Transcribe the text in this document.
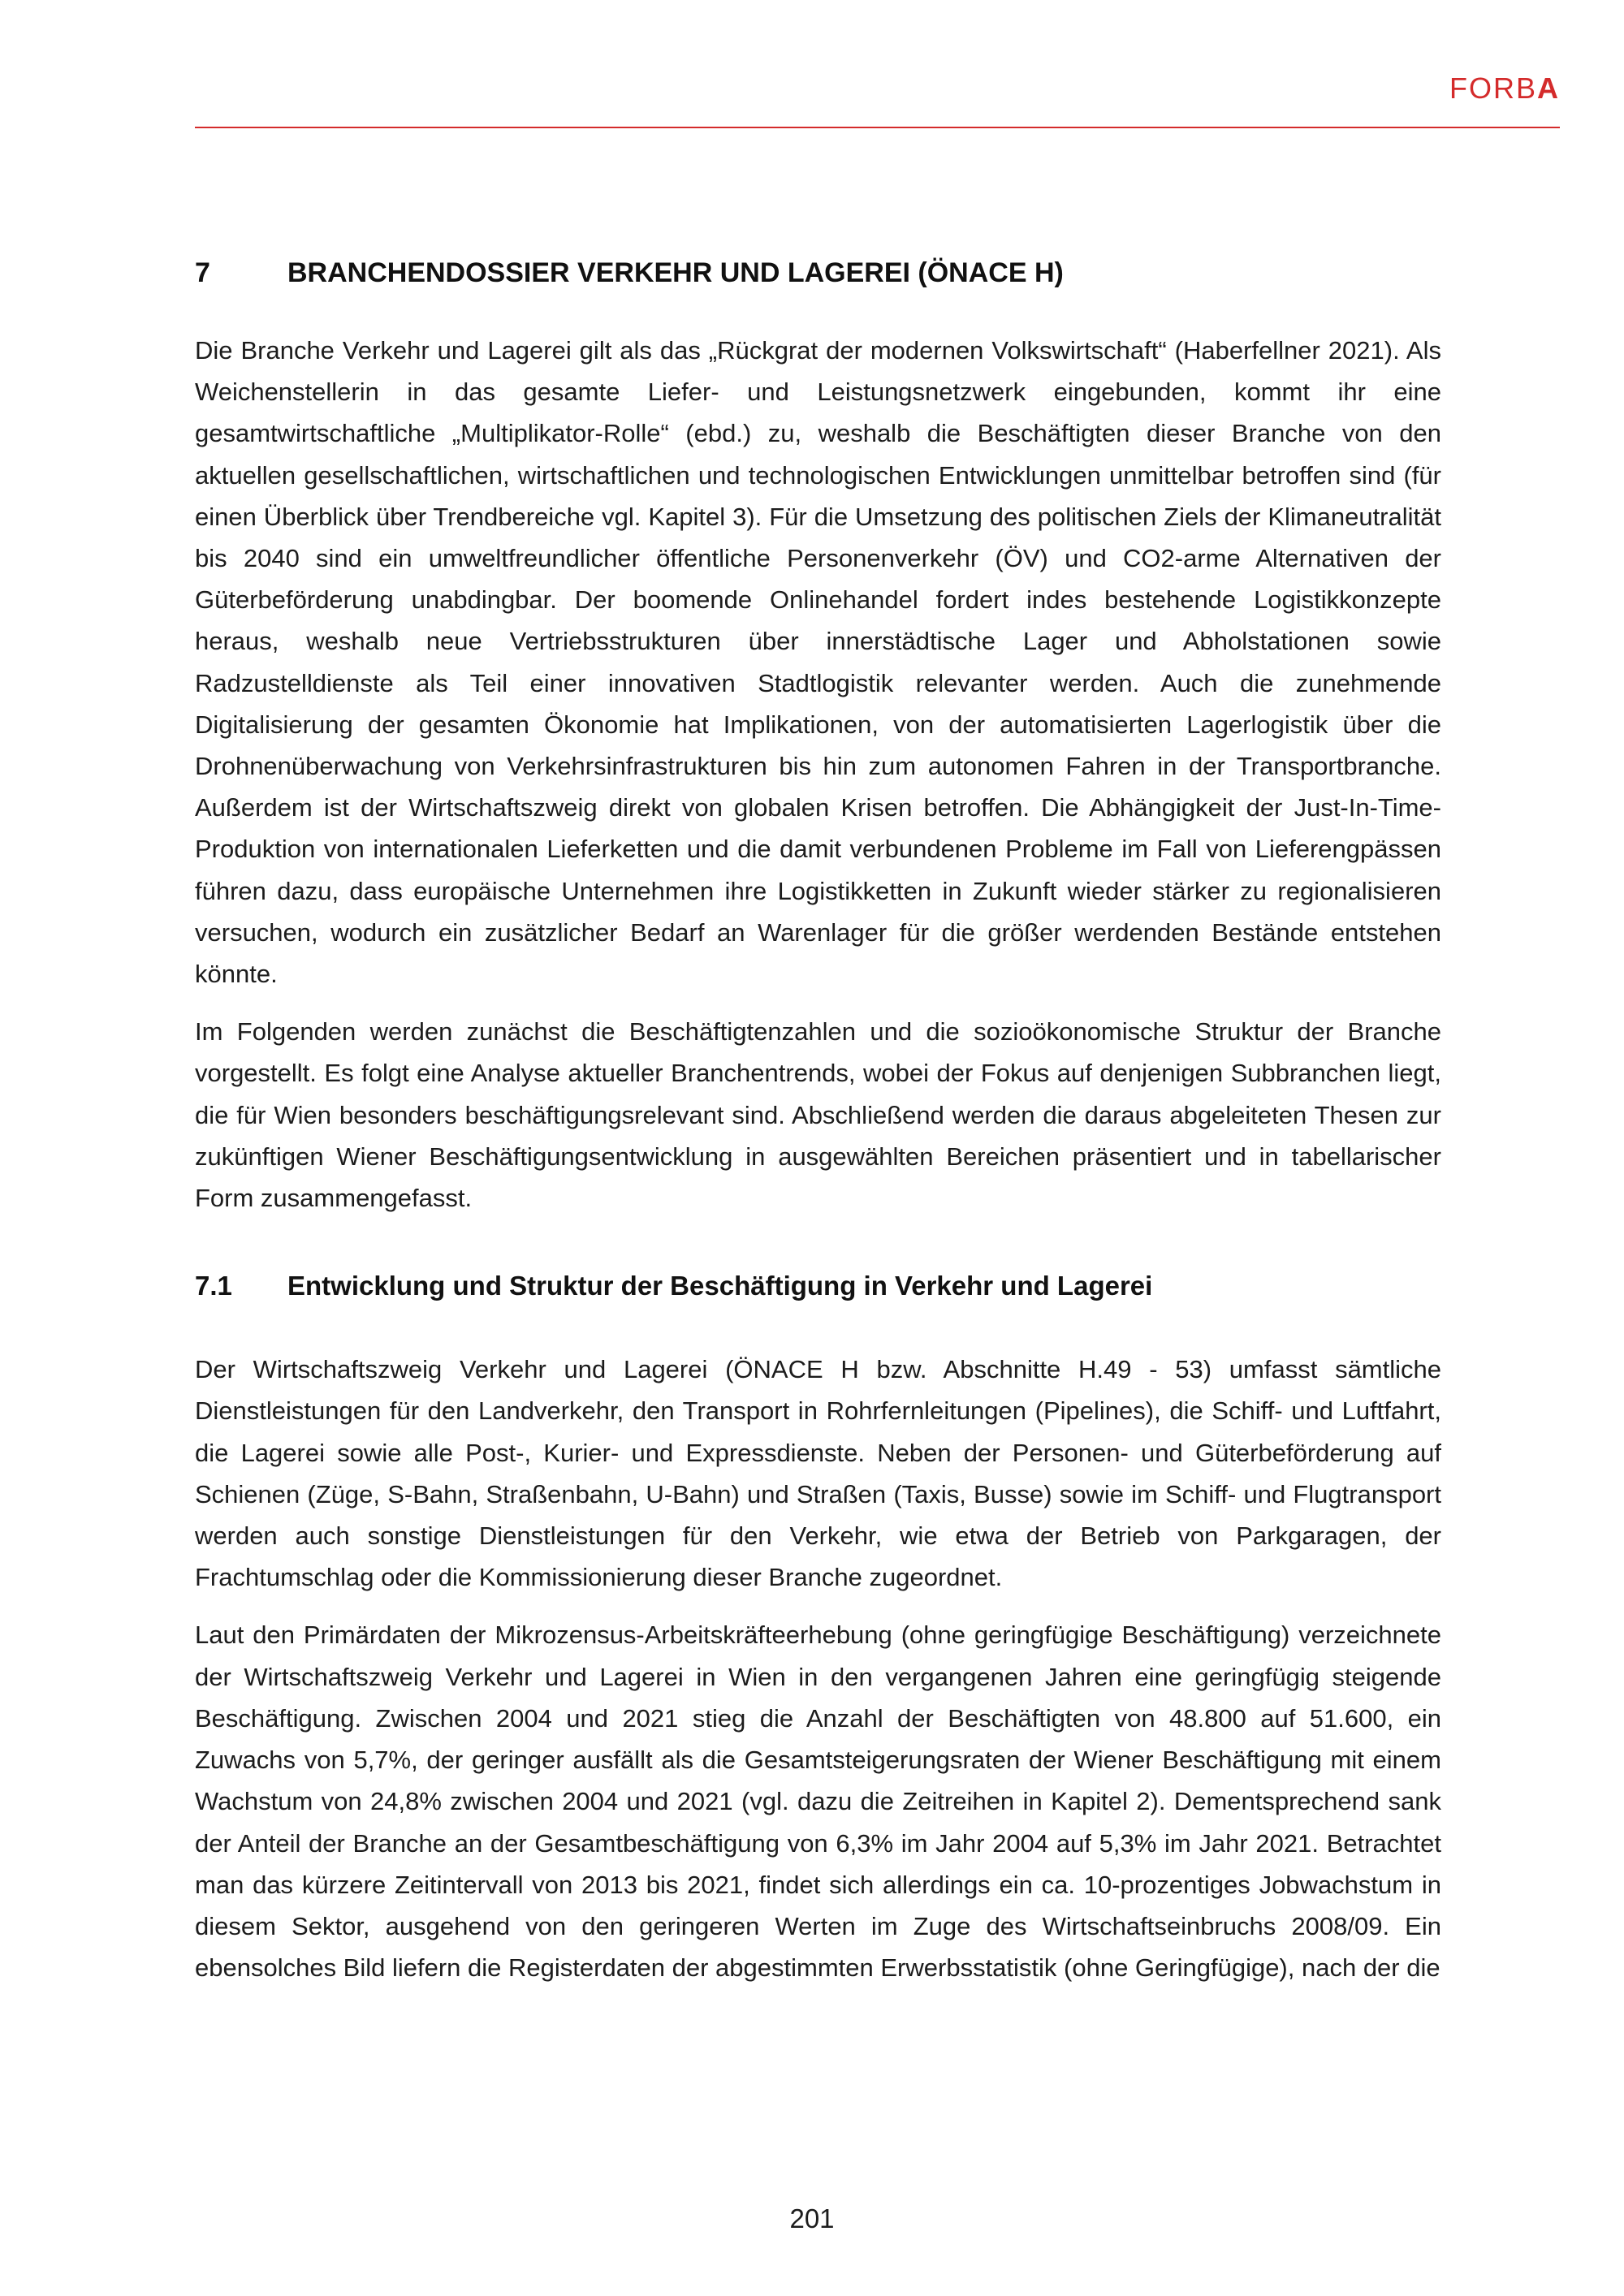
FORBA
7	BRANCHENDOSSIER VERKEHR UND LAGEREI (ÖNACE H)

Die Branche Verkehr und Lagerei gilt als das „Rückgrat der modernen Volkswirtschaft“ (Haberfellner 2021). Als Weichenstellerin in das gesamte Liefer- und Leistungsnetzwerk eingebunden, kommt ihr eine gesamtwirtschaftliche „Multiplikator-Rolle“ (ebd.) zu, weshalb die Beschäftigten dieser Branche von den aktuellen gesellschaftlichen, wirtschaftlichen und technologischen Entwicklungen unmittelbar betroffen sind (für einen Überblick über Trendbereiche vgl. Kapitel 3). Für die Umsetzung des politischen Ziels der Klimaneutralität bis 2040 sind ein umweltfreundlicher öffentliche Personenverkehr (ÖV) und CO2-arme Alternativen der Güterbeförderung unabdingbar. Der boomende Onlinehandel fordert indes bestehende Logistikkonzepte heraus, weshalb neue Vertriebsstrukturen über innerstädtische Lager und Abholstationen sowie Radzustelldienste als Teil einer innovativen Stadtlogistik relevanter werden. Auch die zunehmende Digitalisierung der gesamten Ökonomie hat Implikationen, von der automatisierten Lagerlogistik über die Drohnenüberwachung von Verkehrsinfrastrukturen bis hin zum autonomen Fahren in der Transportbranche. Außerdem ist der Wirtschaftszweig direkt von globalen Krisen betroffen. Die Abhängigkeit der Just-In-Time-Produktion von internationalen Lieferketten und die damit verbundenen Probleme im Fall von Lieferengpässen führen dazu, dass europäische Unternehmen ihre Logistikketten in Zukunft wieder stärker zu regionalisieren versuchen, wodurch ein zusätzlicher Bedarf an Warenlager für die größer werdenden Bestände entstehen könnte.

Im Folgenden werden zunächst die Beschäftigtenzahlen und die sozioökonomische Struktur der Branche vorgestellt. Es folgt eine Analyse aktueller Branchentrends, wobei der Fokus auf denjenigen Subbranchen liegt, die für Wien besonders beschäftigungsrelevant sind. Abschließend werden die daraus abgeleiteten Thesen zur zukünftigen Wiener Beschäftigungsentwicklung in ausgewählten Bereichen präsentiert und in tabellarischer Form zusammengefasst.

7.1	Entwicklung und Struktur der Beschäftigung in Verkehr und Lagerei

Der Wirtschaftszweig Verkehr und Lagerei (ÖNACE H bzw. Abschnitte H.49 - 53) umfasst sämtliche Dienstleistungen für den Landverkehr, den Transport in Rohrfernleitungen (Pipelines), die Schiff- und Luftfahrt, die Lagerei sowie alle Post-, Kurier- und Expressdienste. Neben der Personen- und Güterbeförderung auf Schienen (Züge, S-Bahn, Straßenbahn, U-Bahn) und Straßen (Taxis, Busse) sowie im Schiff- und Flugtransport werden auch sonstige Dienstleistungen für den Verkehr, wie etwa der Betrieb von Parkgaragen, der Frachtumschlag oder die Kommissionierung dieser Branche zugeordnet.

Laut den Primärdaten der Mikrozensus-Arbeitskräfteerhebung (ohne geringfügige Beschäftigung) verzeichnete der Wirtschaftszweig Verkehr und Lagerei in Wien in den vergangenen Jahren eine geringfügig steigende Beschäftigung. Zwischen 2004 und 2021 stieg die Anzahl der Beschäftigten von 48.800 auf 51.600, ein Zuwachs von 5,7%, der geringer ausfällt als die Gesamtsteigerungsraten der Wiener Beschäftigung mit einem Wachstum von 24,8% zwischen 2004 und 2021 (vgl. dazu die Zeitreihen in Kapitel 2). Dementsprechend sank der Anteil der Branche an der Gesamtbeschäftigung von 6,3% im Jahr 2004 auf 5,3% im Jahr 2021. Betrachtet man das kürzere Zeitintervall von 2013 bis 2021, findet sich allerdings ein ca. 10-prozentiges Jobwachstum in diesem Sektor, ausgehend von den geringeren Werten im Zuge des Wirtschaftseinbruchs 2008/09. Ein ebensolches Bild liefern die Registerdaten der abgestimmten Erwerbsstatistik (ohne Geringfügige), nach der die

201
